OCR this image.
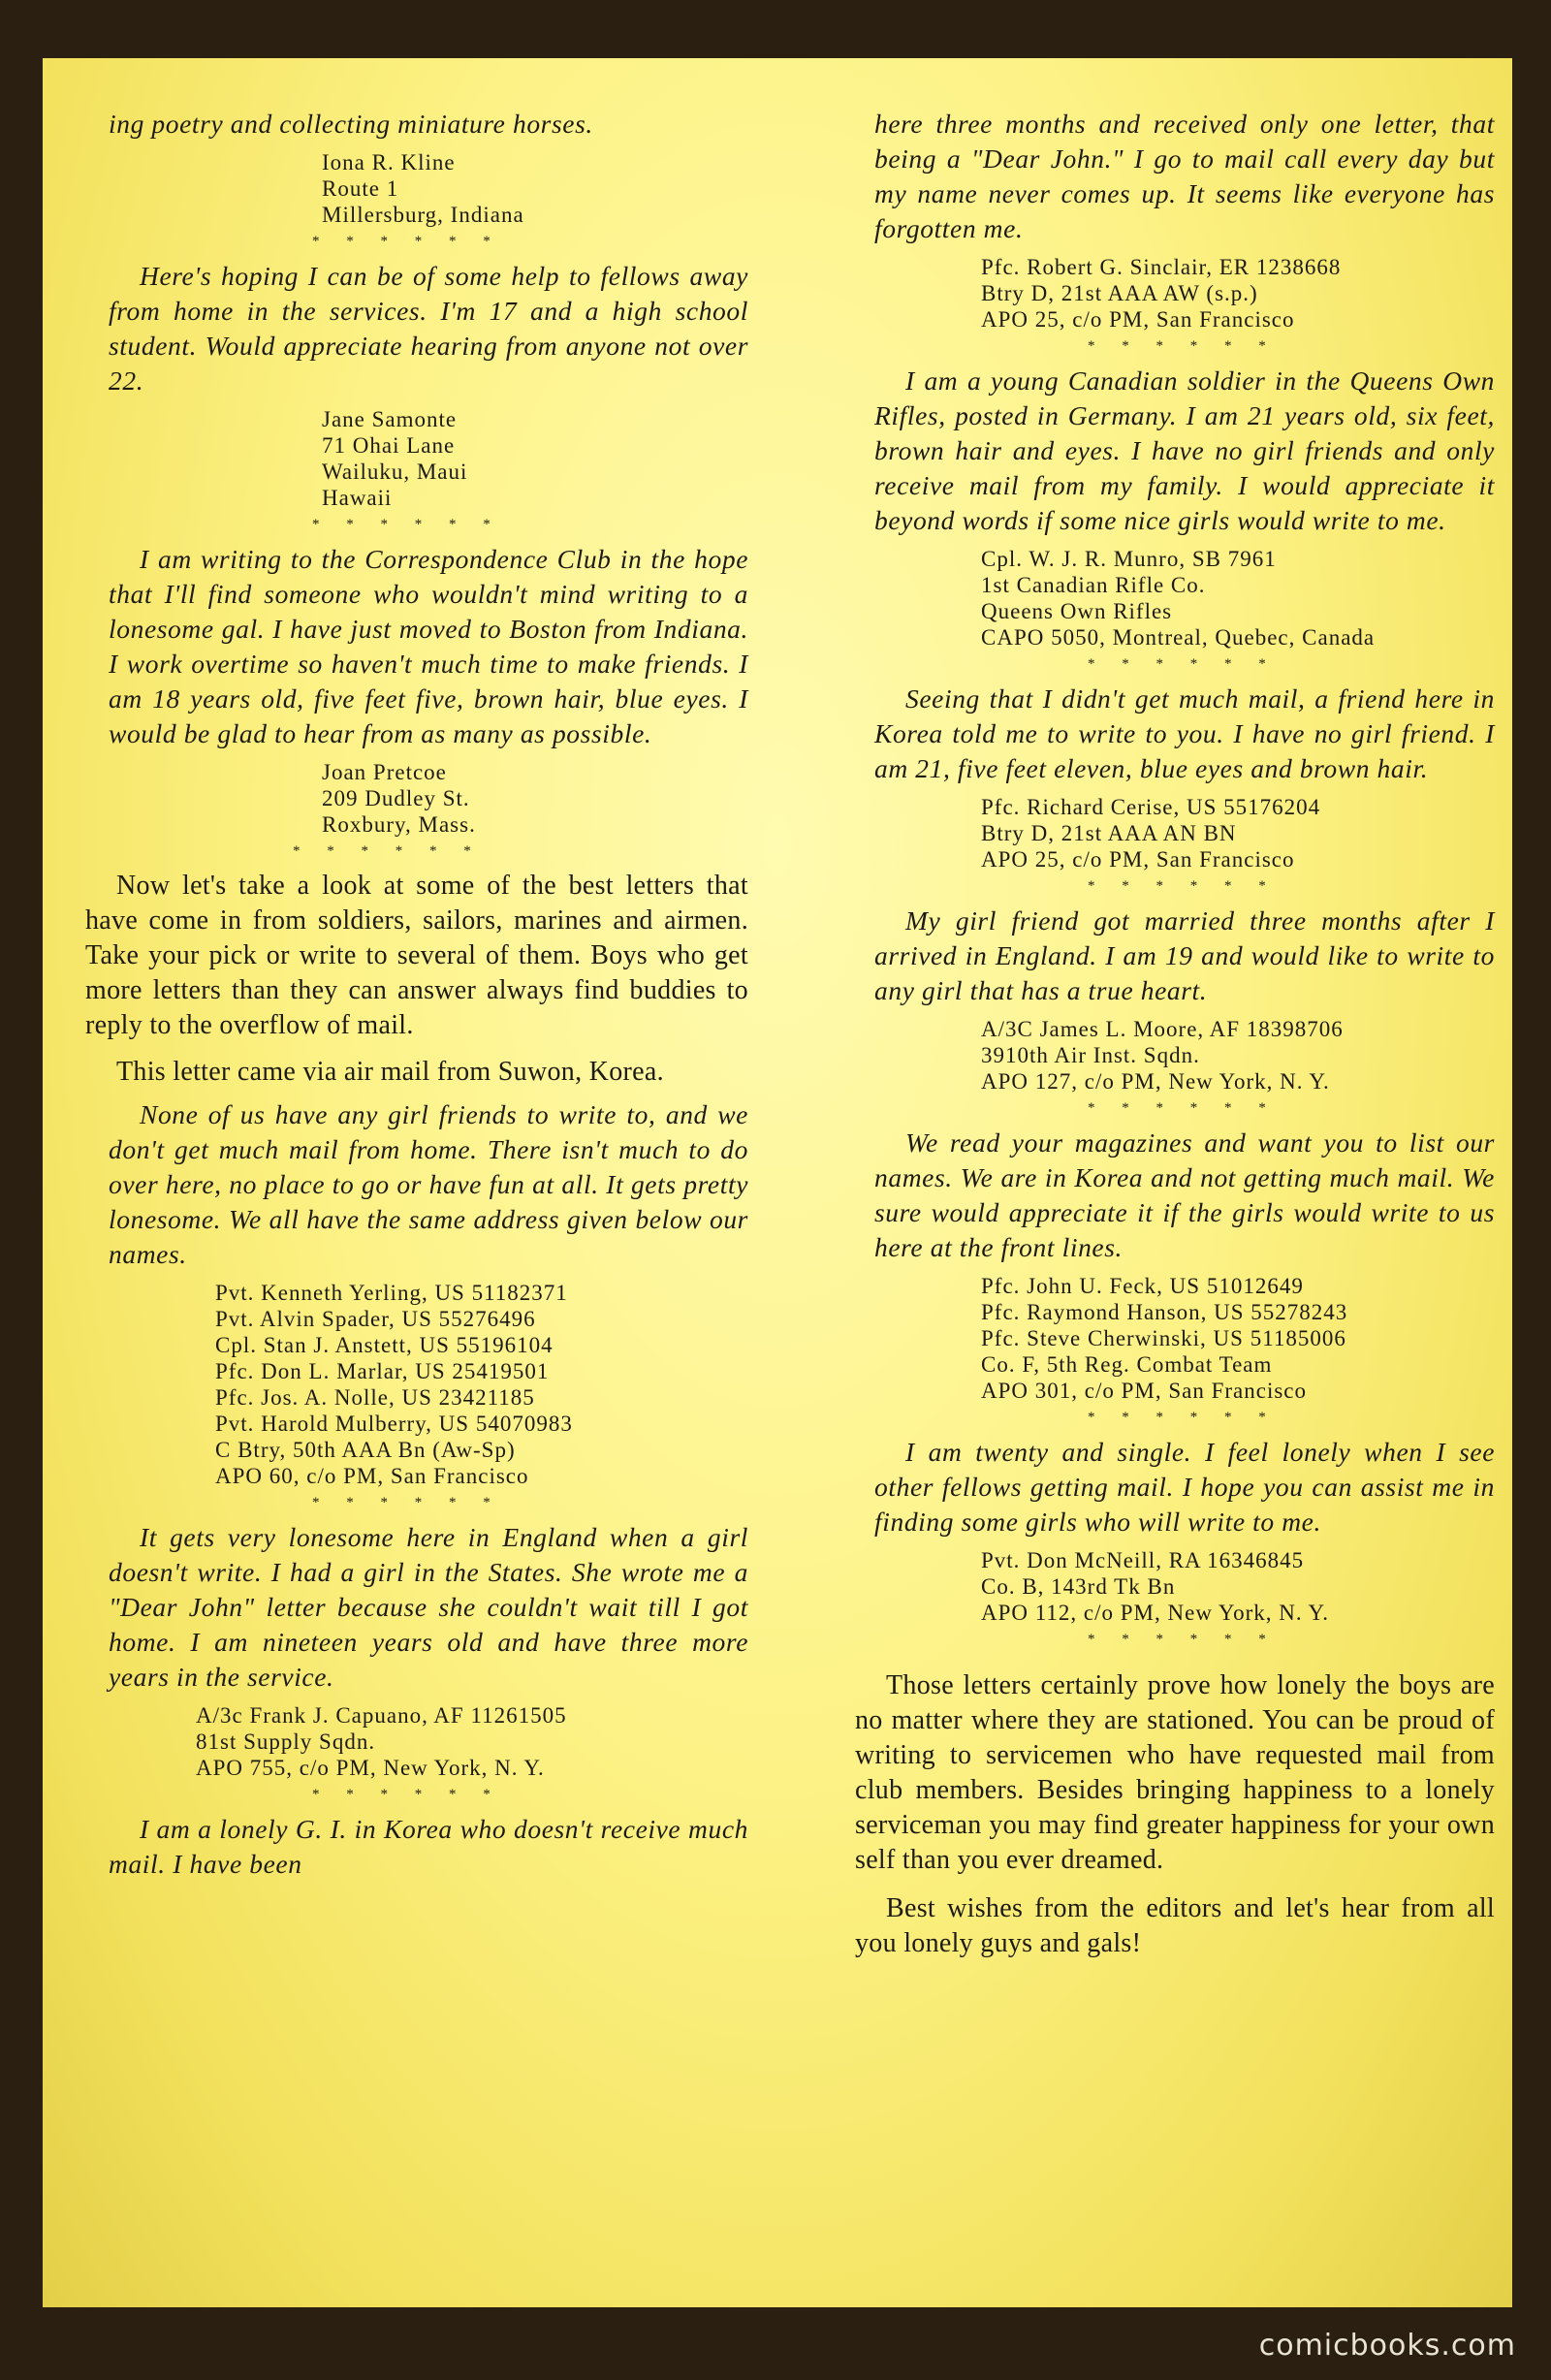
ing poetry and collecting miniature horses.

Iona R. Kline
Route 1
Millersburg, Indiana
* * * * * *

Here's hoping I can be of some help to fellows away from home in the services. I'm 17 and a high school student. Would appreciate hearing from anyone not over 22.

Jane Samonte
71 Ohai Lane
Wailuku, Maui
Hawaii
* * * * * *

I am writing to the Correspondence Club in the hope that I'll find someone who wouldn't mind writing to a lonesome gal. I have just moved to Boston from Indiana. I work overtime so haven't much time to make friends. I am 18 years old, five feet five, brown hair, blue eyes. I would be glad to hear from as many as possible.

Joan Pretcoe
209 Dudley St.
Roxbury, Mass.
* * * * * *

Now let's take a look at some of the best letters that have come in from soldiers, sailors, marines and airmen. Take your pick or write to several of them. Boys who get more letters than they can answer always find buddies to reply to the overflow of mail.

This letter came via air mail from Suwon, Korea.

None of us have any girl friends to write to, and we don't get much mail from home. There isn't much to do over here, no place to go or have fun at all. It gets pretty lonesome. We all have the same address given below our names.

Pvt. Kenneth Yerling, US 51182371
Pvt. Alvin Spader, US 55276496
Cpl. Stan J. Anstett, US 55196104
Pfc. Don L. Marlar, US 25419501
Pfc. Jos. A. Nolle, US 23421185
Pvt. Harold Mulberry, US 54070983
C Btry, 50th AAA Bn (Aw-Sp)
APO 60, c/o PM, San Francisco
* * * * * *

It gets very lonesome here in England when a girl doesn't write. I had a girl in the States. She wrote me a "Dear John" letter because she couldn't wait till I got home. I am nineteen years old and have three more years in the service.

A/3c Frank J. Capuano, AF 11261505
81st Supply Sqdn.
APO 755, c/o PM, New York, N. Y.
* * * * * *

I am a lonely G. I. in Korea who doesn't receive much mail. I have been

here three months and received only one letter, that being a "Dear John." I go to mail call every day but my name never comes up. It seems like everyone has forgotten me.

Pfc. Robert G. Sinclair, ER 1238668
Btry D, 21st AAA AW (s.p.)
APO 25, c/o PM, San Francisco
* * * * * *

I am a young Canadian soldier in the Queens Own Rifles, posted in Germany. I am 21 years old, six feet, brown hair and eyes. I have no girl friends and only receive mail from my family. I would appreciate it beyond words if some nice girls would write to me.

Cpl. W. J. R. Munro, SB 7961
1st Canadian Rifle Co.
Queens Own Rifles
CAPO 5050, Montreal, Quebec, Canada
* * * * * *

Seeing that I didn't get much mail, a friend here in Korea told me to write to you. I have no girl friend. I am 21, five feet eleven, blue eyes and brown hair.

Pfc. Richard Cerise, US 55176204
Btry D, 21st AAA AN BN
APO 25, c/o PM, San Francisco
* * * * * *

My girl friend got married three months after I arrived in England. I am 19 and would like to write to any girl that has a true heart.

A/3C James L. Moore, AF 18398706
3910th Air Inst. Sqdn.
APO 127, c/o PM, New York, N. Y.
* * * * * *

We read your magazines and want you to list our names. We are in Korea and not getting much mail. We sure would appreciate it if the girls would write to us here at the front lines.

Pfc. John U. Feck, US 51012649
Pfc. Raymond Hanson, US 55278243
Pfc. Steve Cherwinski, US 51185006
Co. F, 5th Reg. Combat Team
APO 301, c/o PM, San Francisco
* * * * * *

I am twenty and single. I feel lonely when I see other fellows getting mail. I hope you can assist me in finding some girls who will write to me.

Pvt. Don McNeill, RA 16346845
Co. B, 143rd Tk Bn
APO 112, c/o PM, New York, N. Y.
* * * * * *

Those letters certainly prove how lonely the boys are no matter where they are stationed. You can be proud of writing to servicemen who have requested mail from club members. Besides bringing happiness to a lonely serviceman you may find greater happiness for your own self than you ever dreamed.

Best wishes from the editors and let's hear from all you lonely guys and gals!

comicbooks.com
